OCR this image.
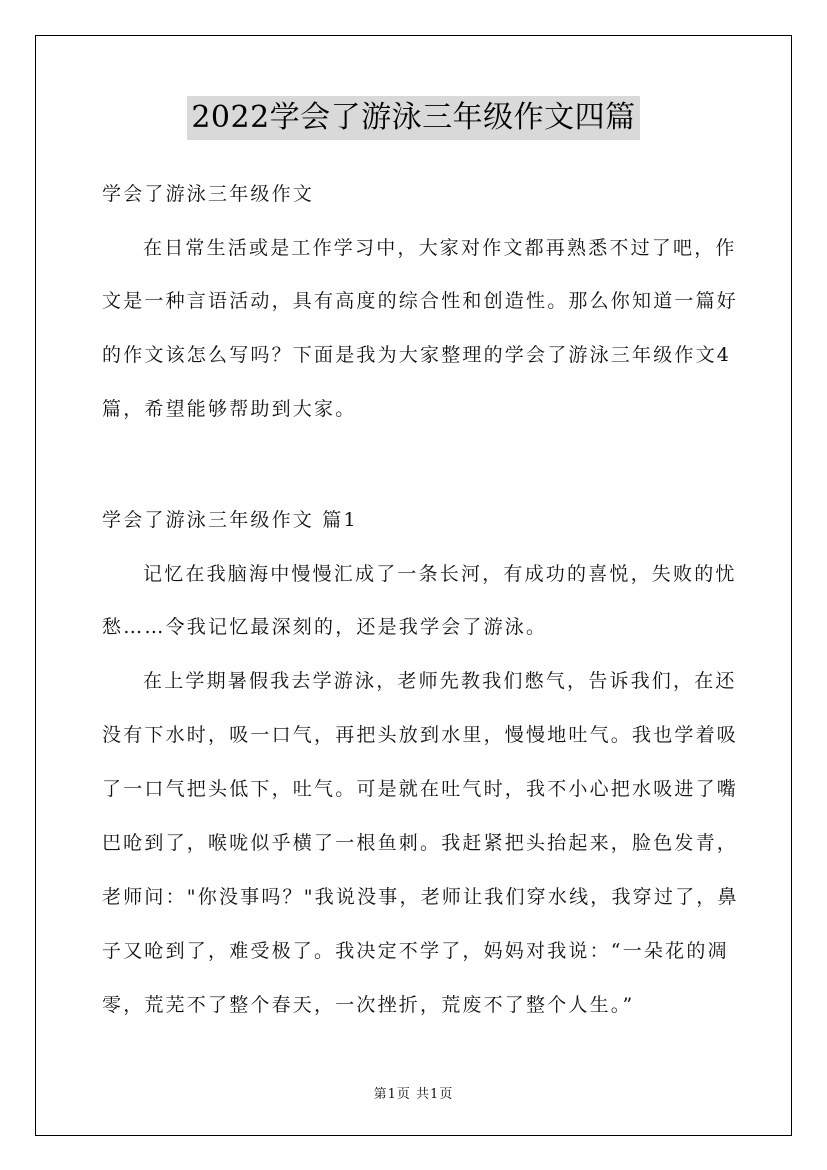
2022学会了游泳三年级作文四篇
学会了游泳三年级作文
在日常生活或是工作学习中，大家对作文都再熟悉不过了吧，作
文是一种言语活动，具有高度的综合性和创造性。那么你知道一篇好
的作文该怎么写吗？下面是我为大家整理的学会了游泳三年级作文4
篇，希望能够帮助到大家。
学会了游泳三年级作文 篇1
记忆在我脑海中慢慢汇成了一条长河，有成功的喜悦，失败的忧
愁……令我记忆最深刻的，还是我学会了游泳。
在上学期暑假我去学游泳，老师先教我们憋气，告诉我们，在还
没有下水时，吸一口气，再把头放到水里，慢慢地吐气。我也学着吸
了一口气把头低下，吐气。可是就在吐气时，我不小心把水吸进了嘴
巴呛到了，喉咙似乎横了一根鱼刺。我赶紧把头抬起来，脸色发青，
老师问："你没事吗？"我说没事，老师让我们穿水线，我穿过了，鼻
子又呛到了，难受极了。我决定不学了，妈妈对我说：“一朵花的凋
零，荒芜不了整个春天，一次挫折，荒废不了整个人生。”
第1页 共1页
